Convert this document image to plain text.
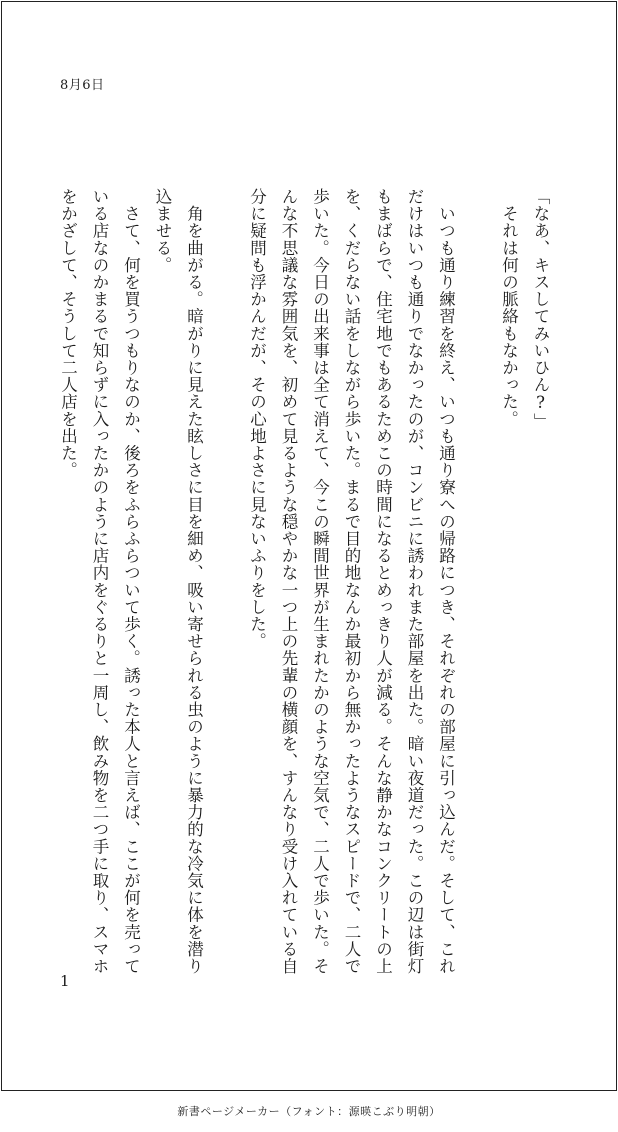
8月6日

「なあ、キスしてみいひん?」

　それは何の脈絡もなかった。

　いつも通り練習を終え、いつも通り寮への帰路につき、それぞれの部屋に引っ込んだ。そして、これだけはいつも通りでなかったのが、コンビニに誘われまた部屋を出た。暗い夜道だった。この辺は街灯もまばらで、住宅地でもあるためこの時間になるとめっきり人が減る。そんな静かなコンクリートの上を、くだらない話をしながら歩いた。まるで目的地なんか最初から無かったようなスピードで、二人で歩いた。今日の出来事は全て消えて、今この瞬間世界が生まれたかのような空気で、二人で歩いた。そんな不思議な雰囲気を、初めて見るような穏やかな一つ上の先輩の横顔を、すんなり受け入れている自分に疑問も浮かんだが、その心地よさに見ないふりをした。

　角を曲がる。暗がりに見えた眩しさに目を細め、吸い寄せられる虫のように暴力的な冷気に体を潜り込ませる。

　さて、何を買うつもりなのか、後ろをふらふらついて歩く。誘った本人と言えば、ここが何を売っている店なのかまるで知らずに入ったかのように店内をぐるりと一周し、飲み物を二つ手に取り、スマホをかざして、そうして二人店を出た。

1
新書ページメーカー（フォント：源暎こぶり明朝）
